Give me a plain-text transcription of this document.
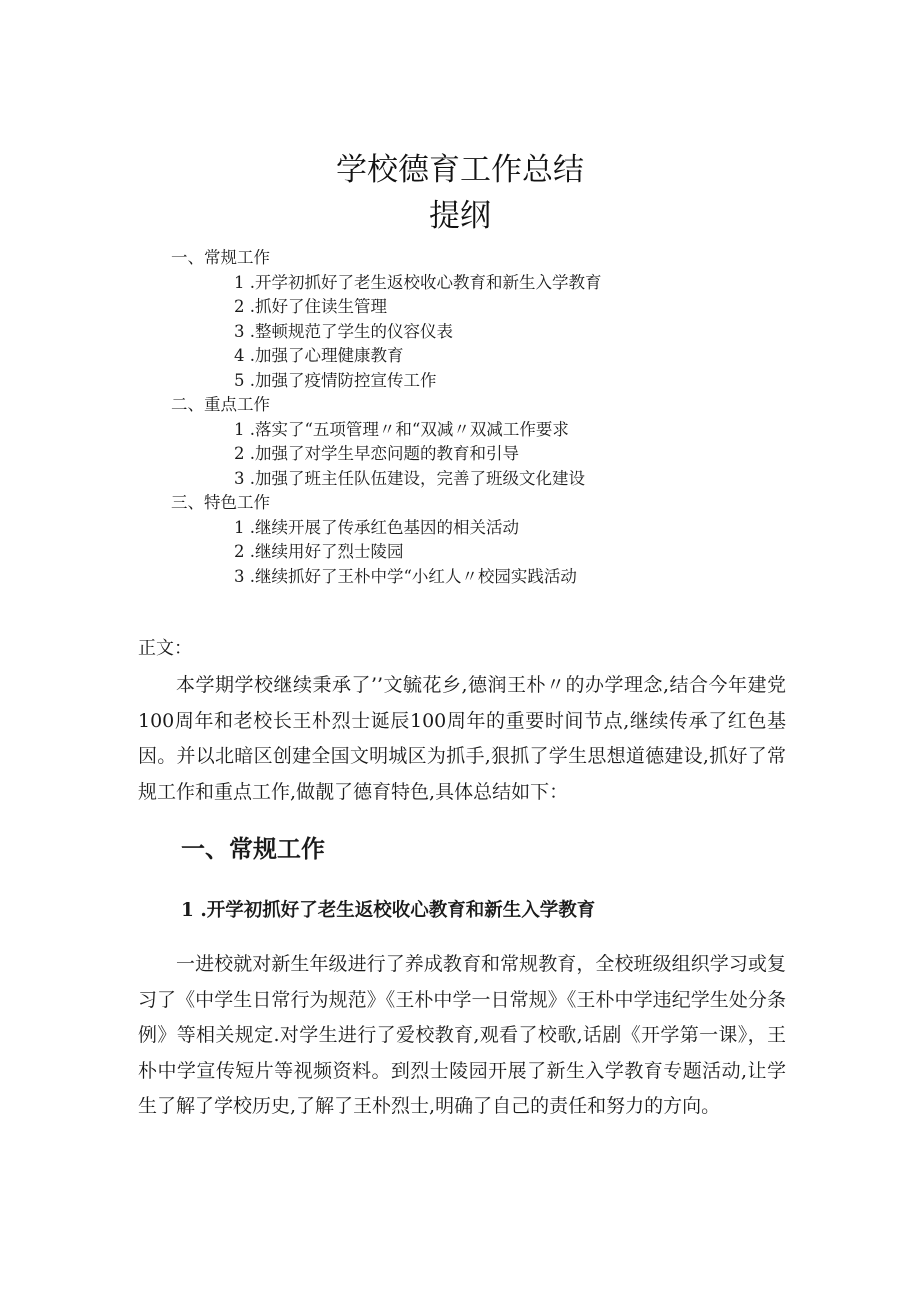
学校德育工作总结
提纲
一、常规工作
1 .开学初抓好了老生返校收心教育和新生入学教育
2 .抓好了住读生管理
3 .整顿规范了学生的仪容仪表
4 .加强了心理健康教育
5 .加强了疫情防控宣传工作
二、重点工作
1 .落实了“五项管理〃和“双减〃双减工作要求
2 .加强了对学生早恋问题的教育和引导
3 .加强了班主任队伍建设，完善了班级文化建设
三、特色工作
1 .继续开展了传承红色基因的相关活动
2 .继续用好了烈士陵园
3 .继续抓好了王朴中学“小红人〃校园实践活动
正文：

本学期学校继续秉承了’’文毓花乡,德润王朴〃的办学理念,结合今年建党100周年和老校长王朴烈士诞辰100周年的重要时间节点,继续传承了红色基因。并以北暗区创建全国文明城区为抓手,狠抓了学生思想道德建设,抓好了常规工作和重点工作,做靓了德育特色,具体总结如下：

一、常规工作
1 .开学初抓好了老生返校收心教育和新生入学教育

一进校就对新生年级进行了养成教育和常规教育，全校班级组织学习或复习了《中学生日常行为规范》《王朴中学一日常规》《王朴中学违纪学生处分条例》等相关规定.对学生进行了爱校教育,观看了校歌,话剧《开学第一课》，王朴中学宣传短片等视频资料。到烈士陵园开展了新生入学教育专题活动,让学生了解了学校历史,了解了王朴烈士,明确了自己的责任和努力的方向。
